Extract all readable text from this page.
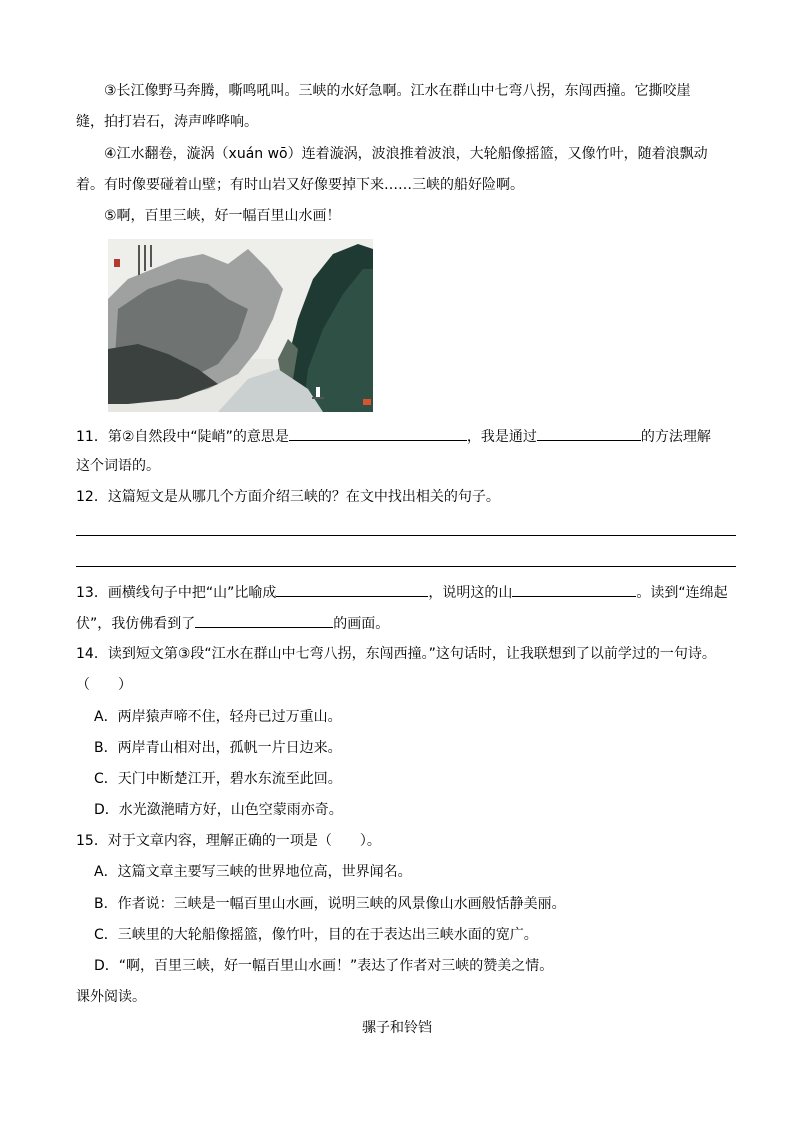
③长江像野马奔腾，嘶鸣吼叫。三峡的水好急啊。江水在群山中七弯八拐，东闯西撞。它撕咬崖
缝，拍打岩石，涛声哗哗响。
④江水翻卷，漩涡（xuán wō）连着漩涡，波浪推着波浪，大轮船像摇篮，又像竹叶，随着浪飘动
着。有时像要碰着山壁；有时山岩又好像要掉下来……三峡的船好险啊。
⑤啊，百里三峡，好一幅百里山水画！
11．第②自然段中“陡峭”的意思是	，我是通过	的方法理解
这个词语的。
12．这篇短文是从哪几个方面介绍三峡的？在文中找出相关的句子。
13．画横线句子中把“山”比喻成	，说明这的山	。读到“连绵起
伏”，我仿佛看到了	的画面。
14．读到短文第③段“江水在群山中七弯八拐，东闯西撞。”这句话时，让我联想到了以前学过的一句诗。
（　　）
A．两岸猿声啼不住，轻舟已过万重山。
B．两岸青山相对出，孤帆一片日边来。
C．天门中断楚江开，碧水东流至此回。
D．水光潋滟晴方好，山色空蒙雨亦奇。
15．对于文章内容，理解正确的一项是（　　）。
A．这篇文章主要写三峡的世界地位高，世界闻名。
B．作者说：三峡是一幅百里山水画，说明三峡的风景像山水画般恬静美丽。
C．三峡里的大轮船像摇篮，像竹叶，目的在于表达出三峡水面的宽广。
D．“啊，百里三峡，好一幅百里山水画！”表达了作者对三峡的赞美之情。
课外阅读。
骡子和铃铛
